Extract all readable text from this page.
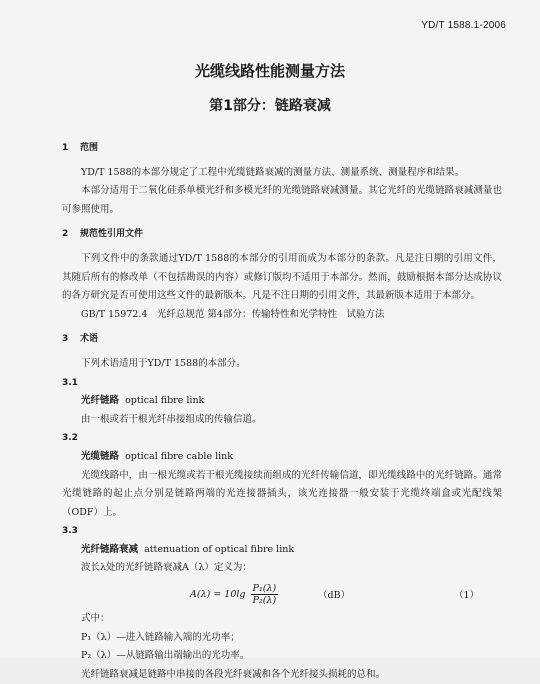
YD/T 1588.1-2006
光缆线路性能测量方法
第1部分：链路衰减

1 范围

YD/T 1588的本部分规定了工程中光缆链路衰减的测量方法、测量系统、测量程序和结果。

本部分适用于二氧化硅系单模光纤和多模光纤的光缆链路衰减测量。其它光纤的光缆链路衰减测量也可参照使用。

2 规范性引用文件

下列文件中的条款通过YD/T 1588的本部分的引用而成为本部分的条款。凡是注日期的引用文件，其随后所有的修改单（不包括勘误的内容）或修订版均不适用于本部分。然而，鼓励根据本部分达成协议的各方研究是否可使用这些文件的最新版本。凡是不注日期的引用文件，其最新版本适用于本部分。

GB/T 15972.4　光纤总规范 第4部分：传输特性和光学特性　试验方法

3 术语

下列术语适用于YD/T 1588的本部分。

3.1

光纤链路 optical fibre link

由一根或若干根光纤串接组成的传输信道。

3.2

光缆链路 optical fibre cable link

光缆线路中，由一根光缆或若干根光缆接续而组成的光纤传输信道，即光缆线路中的光纤链路。通常光缆链路的起止点分别是链路两端的光连接器插头，该光连接器一般安装于光缆终端盒或光配线架（ODF）上。

3.3

光纤链路衰减 attenuation of optical fibre link

波长λ处的光纤链路衰减A（λ）定义为：

$A(\lambda) = 10\lg \frac{\text{P₁(λ)}}{\text{P₂(λ)}}$	（dB）	（1）

式中：

P₁（λ）—进入链路输入端的光功率；

P₂（λ）—从链路输出端输出的光功率。

光纤链路衰减是链路中串接的各段光纤衰减和各个光纤接头损耗的总和。
